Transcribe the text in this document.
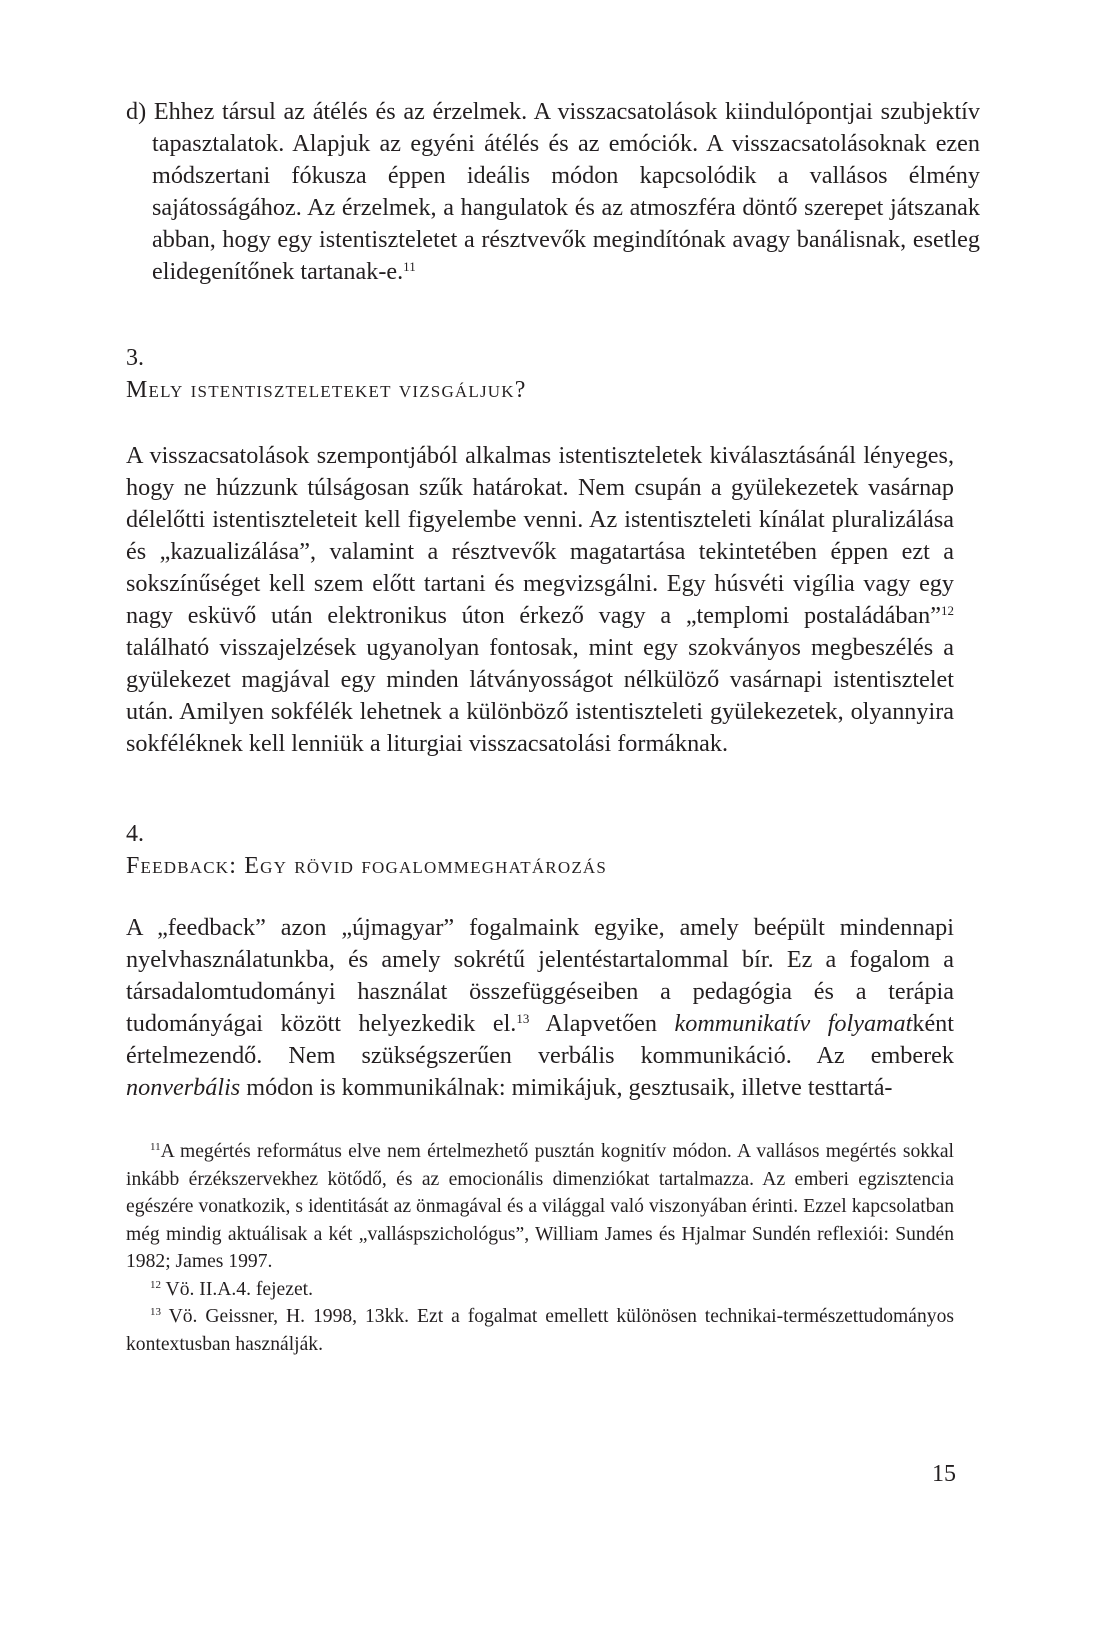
d) Ehhez társul az átélés és az érzelmek. A visszacsatolások kiindulópontjai szubjektív tapasztalatok. Alapjuk az egyéni átélés és az emóciók. A visszacsatolásoknak ezen módszertani fókusza éppen ideális módon kapcsolódik a vallásos élmény sajátosságához. Az érzelmek, a hangulatok és az atmoszféra döntő szerepet játszanak abban, hogy egy istentiszteletet a résztvevők megindítónak avagy banálisnak, esetleg elidegenítőnek tartanak-e.$^{11}$

3.
Mely istentiszteleteket vizsgáljuk?

A visszacsatolások szempontjából alkalmas istentiszteletek kiválasztásánál lényeges, hogy ne húzzunk túlságosan szűk határokat. Nem csupán a gyülekezetek vasárnap délelőtti istentiszteleteit kell figyelembe venni. Az istentiszteleti kínálat pluralizálása és „kazualizálása”, valamint a résztvevők magatartása tekintetében éppen ezt a sokszínűséget kell szem előtt tartani és megvizsgálni. Egy húsvéti vigília vagy egy nagy esküvő után elektronikus úton érkező vagy a „templomi postaládában”$^{12}$ található visszajelzések ugyanolyan fontosak, mint egy szokványos megbeszélés a gyülekezet magjával egy minden látványosságot nélkülöző vasárnapi istentisztelet után. Amilyen sokfélék lehetnek a különböző istentiszteleti gyülekezetek, olyannyira sokféléknek kell lenniük a liturgiai visszacsatolási formáknak.

4.
Feedback: Egy rövid fogalommeghatározás

A „feedback” azon „újmagyar” fogalmaink egyike, amely beépült mindennapi nyelvhasználatunkba, és amely sokrétű jelentéstartalommal bír. Ez a fogalom a társadalomtudományi használat összefüggéseiben a pedagógia és a terápia tudományágai között helyezkedik el.$^{13}$ Alapvetően kommunikatív folyamatként értelmezendő. Nem szükségszerűen verbális kommunikáció. Az emberek nonverbális módon is kommunikálnak: mimikájuk, gesztusaik, illetve testtartá-

$^{11}$A megértés református elve nem értelmezhető pusztán kognitív módon. A vallásos megértés sokkal inkább érzékszervekhez kötődő, és az emocionális dimenziókat tartalmazza. Az emberi egzisztencia egészére vonatkozik, s identitását az önmagával és a világgal való viszonyában érinti. Ezzel kapcsolatban még mindig aktuálisak a két „valláspszichológus”, William James és Hjalmar Sundén reflexiói: Sundén 1982; James 1997.

$^{12}$ Vö. II.A.4. fejezet.

$^{13}$ Vö. Geissner, H. 1998, 13kk. Ezt a fogalmat emellett különösen technikai-természettudományos kontextusban használják.

15
